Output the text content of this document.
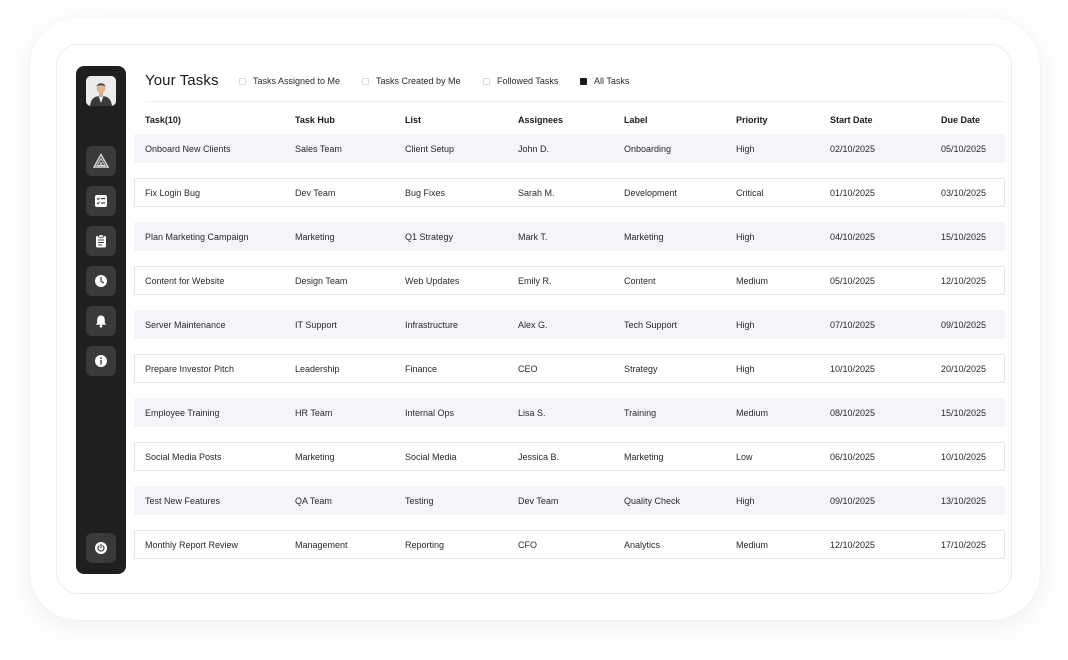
Your Tasks	Tasks Assigned to Me	Tasks Created by Me	Followed Tasks	All Tasks
Task(10)	Task Hub	List	Assignees	Label	Priority	Start Date	Due Date
Onboard New Clients	Sales Team	Client Setup	John D.	Onboarding	High	02/10/2025	05/10/2025
Fix Login Bug	Dev Team	Bug Fixes	Sarah M.	Development	Critical	01/10/2025	03/10/2025
Plan Marketing Campaign	Marketing	Q1 Strategy	Mark T.	Marketing	High	04/10/2025	15/10/2025
Content for Website	Design Team	Web Updates	Emily R.	Content	Medium	05/10/2025	12/10/2025
Server Maintenance	IT Support	Infrastructure	Alex G.	Tech Support	High	07/10/2025	09/10/2025
Prepare Investor Pitch	Leadership	Finance	CEO	Strategy	High	10/10/2025	20/10/2025
Employee Training	HR Team	Internal Ops	Lisa S.	Training	Medium	08/10/2025	15/10/2025
Social Media Posts	Marketing	Social Media	Jessica B.	Marketing	Low	06/10/2025	10/10/2025
Test New Features	QA Team	Testing	Dev Team	Quality Check	High	09/10/2025	13/10/2025
Monthly Report Review	Management	Reporting	CFO	Analytics	Medium	12/10/2025	17/10/2025
